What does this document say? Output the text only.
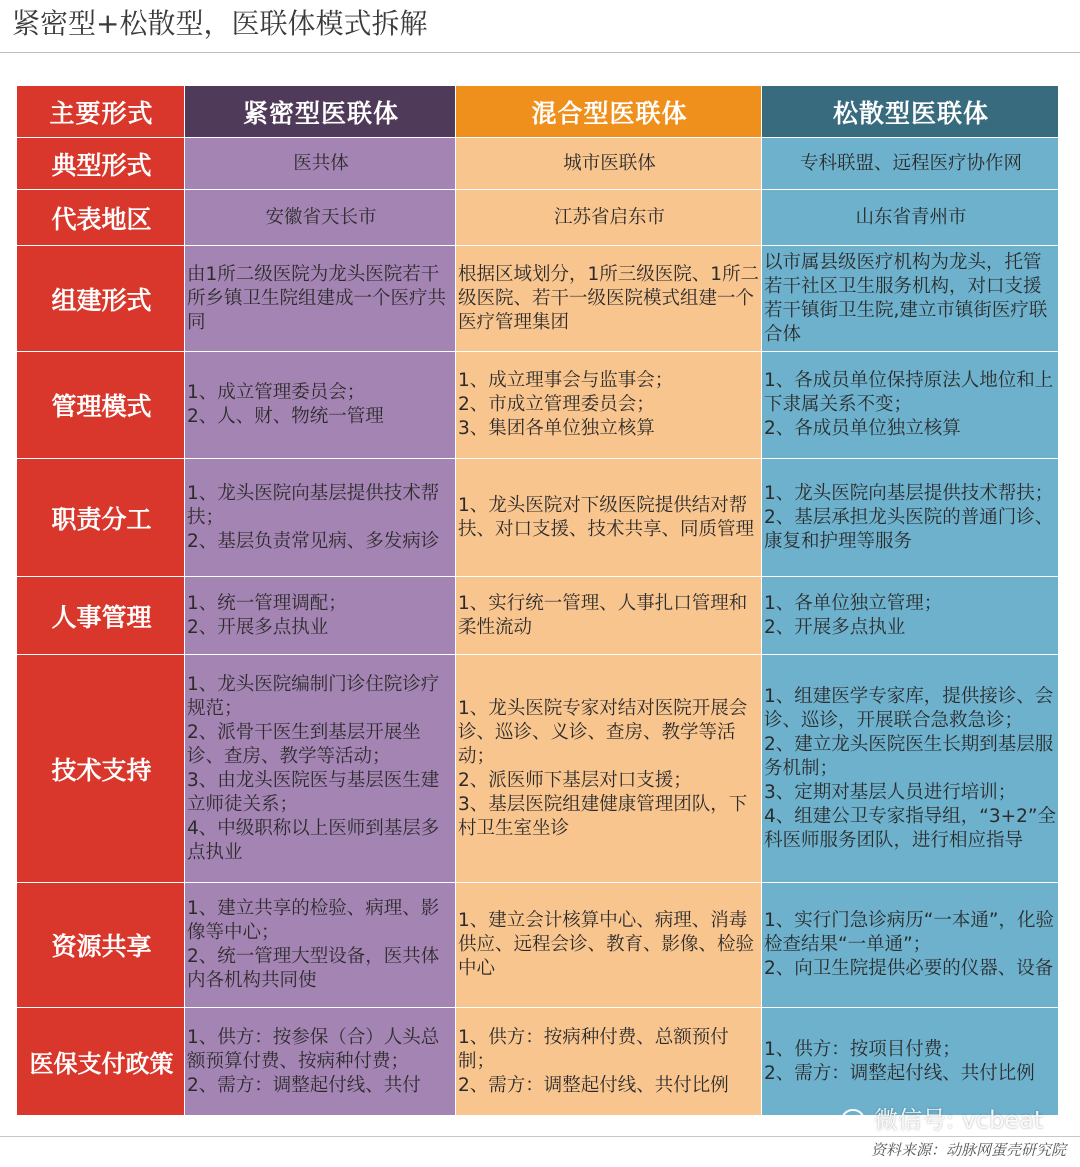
紧密型+松散型，医联体模式拆解
主要形式	紧密型医联体	混合型医联体	松散型医联体
典型形式	医共体	城市医联体	专科联盟、远程医疗协作网
代表地区	安徽省天长市	江苏省启东市	山东省青州市
组建形式	由1所二级医院为龙头医院若干所乡镇卫生院组建成一个医疗共同	根据区域划分，1所三级医院、1所二级医院、若干一级医院模式组建一个医疗管理集团	以市属县级医疗机构为龙头，托管若干社区卫生服务机构，对口支援若干镇街卫生院,建立市镇街医疗联合体
管理模式	1、成立管理委员会；
2、人、财、物统一管理	1、成立理事会与监事会；
2、市成立管理委员会；
3、集团各单位独立核算	1、各成员单位保持原法人地位和上下隶属关系不变；
2、各成员单位独立核算
职责分工	1、龙头医院向基层提供技术帮扶；
2、基层负责常见病、多发病诊	1、龙头医院对下级医院提供结对帮 扶、对口支援、技术共享、同质管理	1、龙头医院向基层提供技术帮扶；
2、基层承担龙头医院的普通门诊、康复和护理等服务
人事管理	1、统一管理调配；
2、开展多点执业	1、实行统一管理、人事扎口管理和柔性流动	1、各单位独立管理；
2、开展多点执业
技术支持	1、龙头医院编制门诊住院诊疗规范；
2、派骨干医生到基层开展坐诊、查房、教学等活动；
3、由龙头医院医与基层医生建立师徒关系；
4、中级职称以上医师到基层多点执业	1、龙头医院专家对结对医院开展会诊、巡诊、义诊、查房、教学等活动；
2、派医师下基层对口支援；
3、基层医院组建健康管理团队，下村卫生室坐诊	1、组建医学专家库，提供接诊、会诊、巡诊，开展联合急救急诊；
2、建立龙头医院医生长期到基层服务机制；
3、定期对基层人员进行培训；
4、组建公卫专家指导组，“3+2”全科医师服务团队，进行相应指导
资源共享	1、建立共享的检验、病理、影像等中心；
2、统一管理大型设备，医共体内各机构共同使	1、建立会计核算中心、病理、消毒供应、远程会诊、教育、影像、检验中心	1、实行门急诊病历“一本通”，化验检查结果“一单通”；
2、向卫生院提供必要的仪器、设备
医保支付政策	1、供方：按参保（合）人头总额预算付费、按病种付费；
2、需方：调整起付线、共付	1、供方：按病种付费、总额预付制；
2、需方：调整起付线、共付比例	1、供方：按项目付费；
2、需方：调整起付线、共付比例
微信号: vcbeat
资料来源：动脉网蛋壳研究院
